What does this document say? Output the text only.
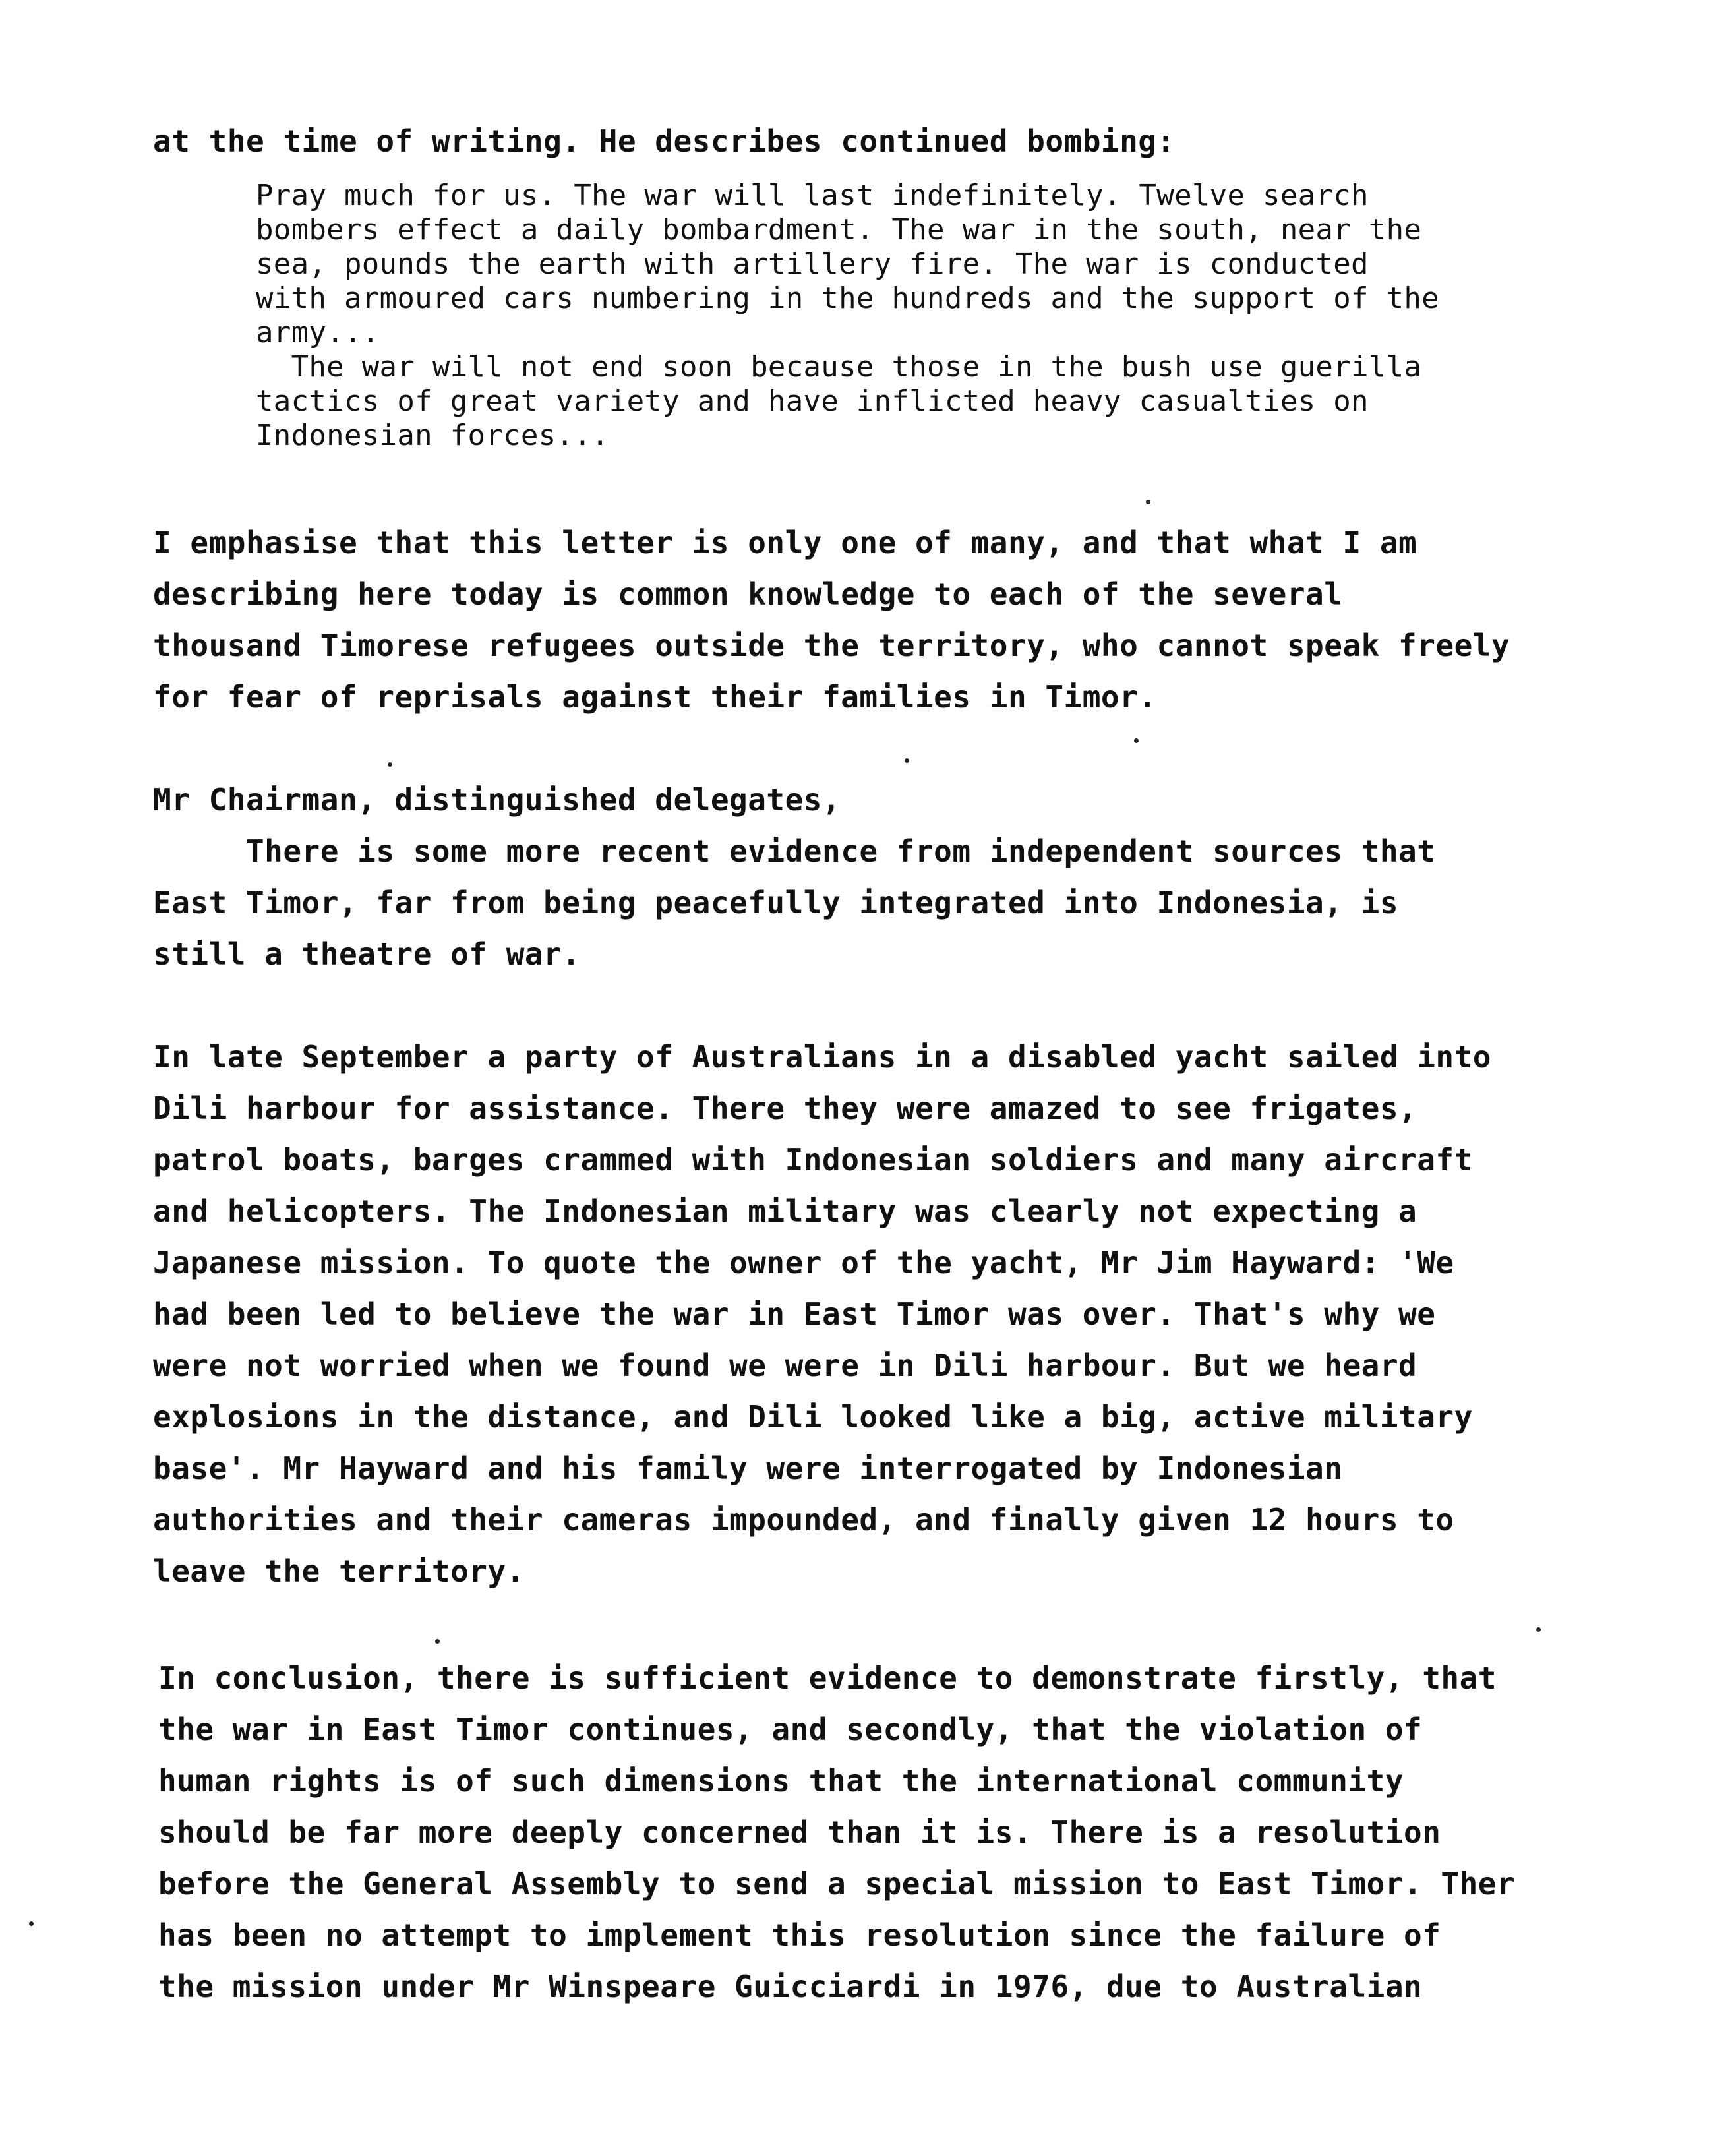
at the time of writing. He describes continued bombing:
Pray much for us. The war will last indefinitely. Twelve search
bombers effect a daily bombardment. The war in the south, near the
sea, pounds the earth with artillery fire. The war is conducted
with armoured cars numbering in the hundreds and the support of the
army...
The war will not end soon because those in the bush use guerilla
tactics of great variety and have inflicted heavy casualties on
Indonesian forces...
I emphasise that this letter is only one of many, and that what I am
describing here today is common knowledge to each of the several
thousand Timorese refugees outside the territory, who cannot speak freely
for fear of reprisals against their families in Timor.
Mr Chairman, distinguished delegates,
There is some more recent evidence from independent sources that
East Timor, far from being peacefully integrated into Indonesia, is
still a theatre of war.
In late September a party of Australians in a disabled yacht sailed into
Dili harbour for assistance. There they were amazed to see frigates,
patrol boats, barges crammed with Indonesian soldiers and many aircraft
and helicopters. The Indonesian military was clearly not expecting a
Japanese mission. To quote the owner of the yacht, Mr Jim Hayward: 'We
had been led to believe the war in East Timor was over. That's why we
were not worried when we found we were in Dili harbour. But we heard
explosions in the distance, and Dili looked like a big, active military
base'. Mr Hayward and his family were interrogated by Indonesian
authorities and their cameras impounded, and finally given 12 hours to
leave the territory.
In conclusion, there is sufficient evidence to demonstrate firstly, that
the war in East Timor continues, and secondly, that the violation of
human rights is of such dimensions that the international community
should be far more deeply concerned than it is. There is a resolution
before the General Assembly to send a special mission to East Timor. Ther
has been no attempt to implement this resolution since the failure of
the mission under Mr Winspeare Guicciardi in 1976, due to Australian
